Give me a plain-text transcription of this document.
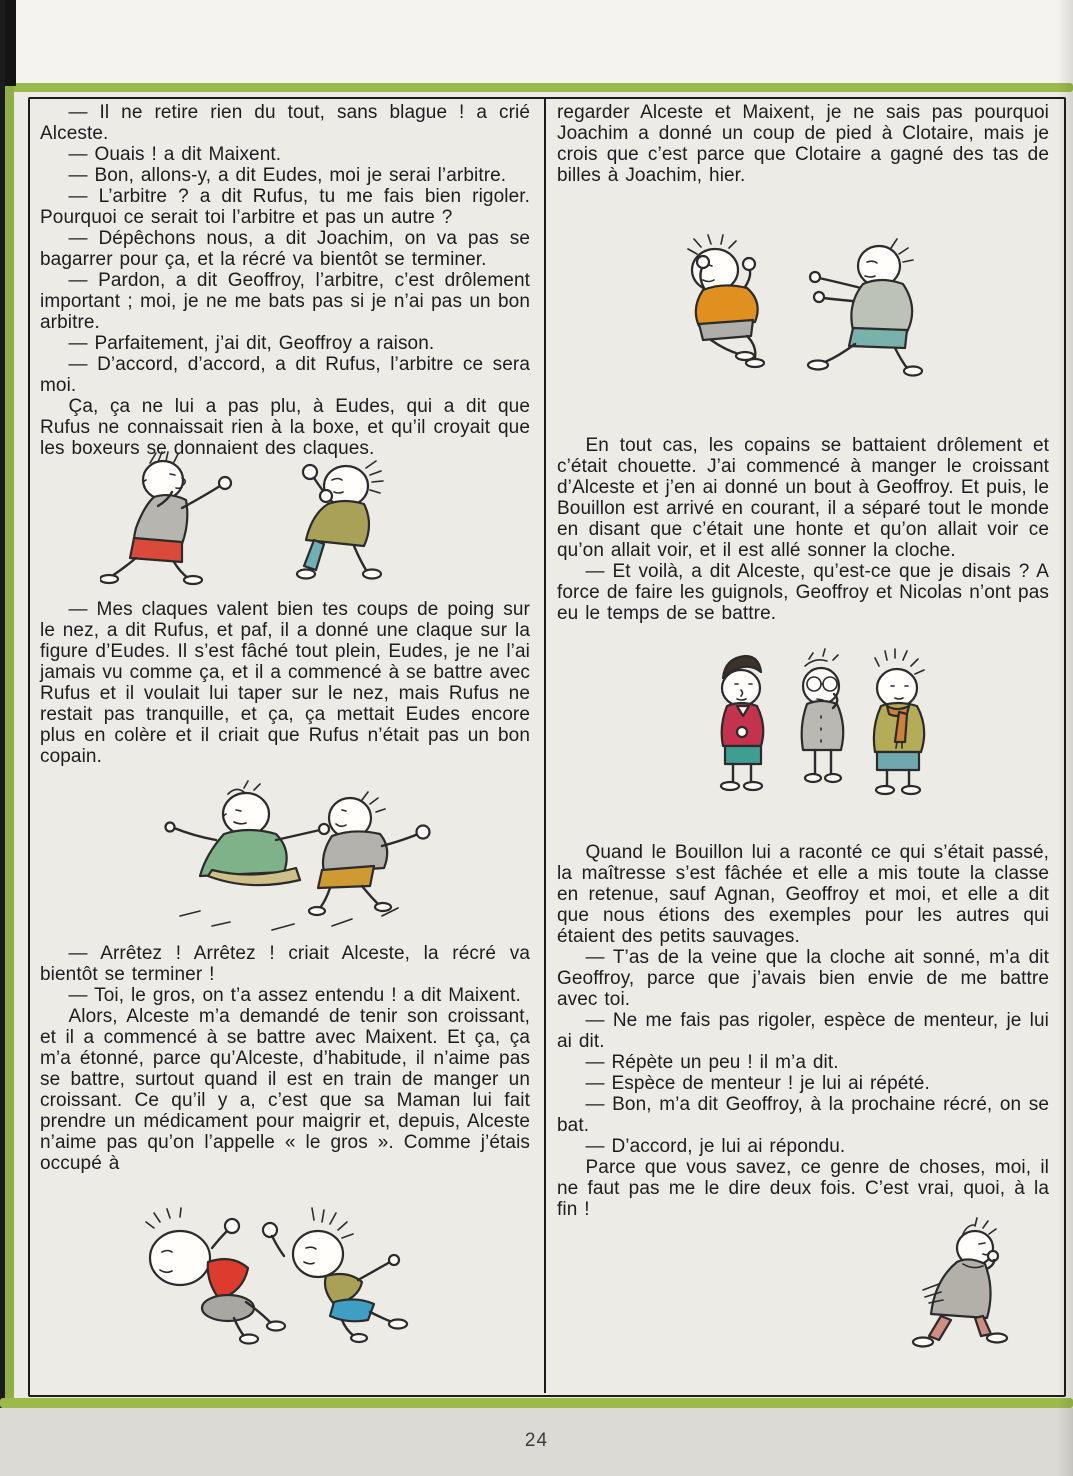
— Il ne retire rien du tout, sans blague ! a crié Alceste.

— Ouais ! a dit Maixent.

— Bon, allons-y, a dit Eudes, moi je serai l’arbitre.

— L’arbitre ? a dit Rufus, tu me fais bien rigoler. Pourquoi ce serait toi l’arbitre et pas un autre ?

— Dépêchons nous, a dit Joachim, on va pas se bagarrer pour ça, et la récré va bientôt se terminer.

— Pardon, a dit Geoffroy, l’arbitre, c’est drôlement important ; moi, je ne me bats pas si je n’ai pas un bon arbitre.

— Parfaitement, j’ai dit, Geoffroy a raison.

— D’accord, d’accord, a dit Rufus, l’arbitre ce sera moi.

Ça, ça ne lui a pas plu, à Eudes, qui a dit que Rufus ne connaissait rien à la boxe, et qu’il croyait que les boxeurs se donnaient des claques.

— Mes claques valent bien tes coups de poing sur le nez, a dit Rufus, et paf, il a donné une claque sur la figure d’Eudes. Il s’est fâché tout plein, Eudes, je ne l’ai jamais vu comme ça, et il a commencé à se battre avec Rufus et il voulait lui taper sur le nez, mais Rufus ne restait pas tranquille, et ça, ça mettait Eudes encore plus en colère et il criait que Rufus n’était pas un bon copain.

— Arrêtez ! Arrêtez ! criait Alceste, la récré va bientôt se terminer !

— Toi, le gros, on t’a assez entendu ! a dit Maixent.

Alors, Alceste m’a demandé de tenir son croissant, et il a commencé à se battre avec Maixent. Et ça, ça m’a étonné, parce qu’Alceste, d’habitude, il n’aime pas se battre, surtout quand il est en train de manger un croissant. Ce qu’il y a, c’est que sa Maman lui fait prendre un médicament pour maigrir et, depuis, Alceste n’aime pas qu’on l’appelle « le gros ». Comme j’étais occupé à

regarder Alceste et Maixent, je ne sais pas pourquoi Joachim a donné un coup de pied à Clotaire, mais je crois que c’est parce que Clotaire a gagné des tas de billes à Joachim, hier.

En tout cas, les copains se battaient drôlement et c’était chouette. J’ai commencé à manger le croissant d’Alceste et j’en ai donné un bout à Geoffroy. Et puis, le Bouillon est arrivé en courant, il a séparé tout le monde en disant que c’était une honte et qu’on allait voir ce qu’on allait voir, et il est allé sonner la cloche.

— Et voilà, a dit Alceste, qu’est-ce que je disais ? A force de faire les guignols, Geoffroy et Nicolas n’ont pas eu le temps de se battre.

Quand le Bouillon lui a raconté ce qui s’était passé, la maîtresse s’est fâchée et elle a mis toute la classe en retenue, sauf Agnan, Geoffroy et moi, et elle a dit que nous étions des exemples pour les autres qui étaient des petits sauvages.

— T’as de la veine que la cloche ait sonné, m’a dit Geoffroy, parce que j’avais bien envie de me battre avec toi.

— Ne me fais pas rigoler, espèce de menteur, je lui ai dit.

— Répète un peu ! il m’a dit.

— Espèce de menteur ! je lui ai répété.

— Bon, m’a dit Geoffroy, à la prochaine récré, on se bat.

— D’accord, je lui ai répondu.

Parce que vous savez, ce genre de choses, moi, il ne faut pas me le dire deux fois. C’est vrai, quoi, à la fin !

24
